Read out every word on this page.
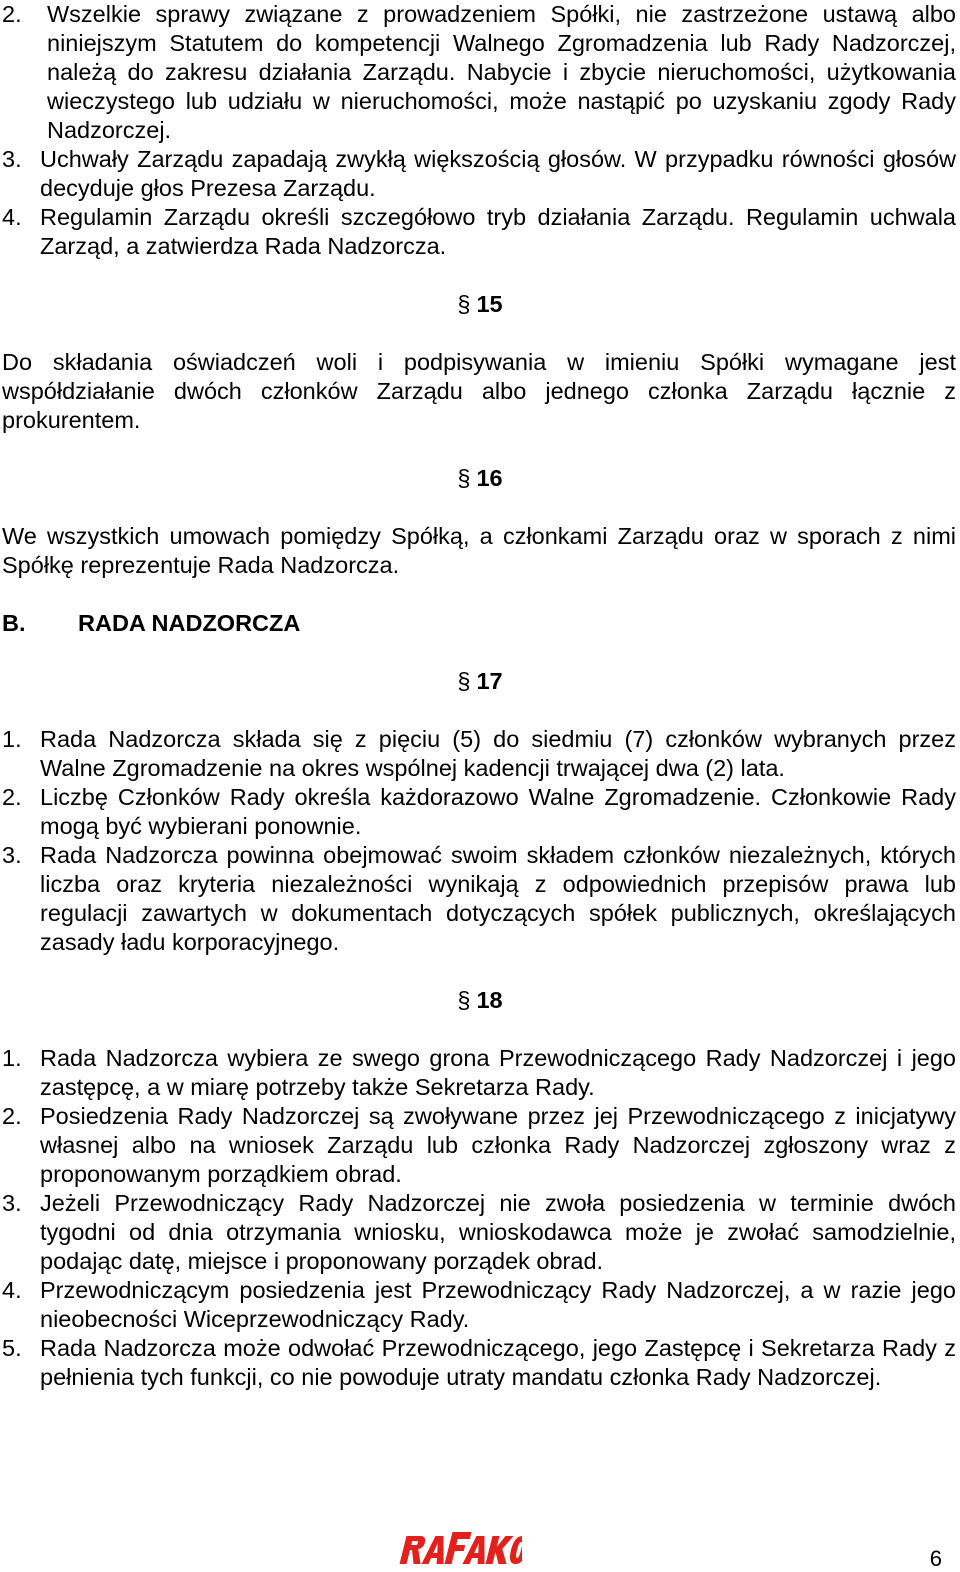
2.	Wszelkie sprawy związane z prowadzeniem Spółki, nie zastrzeżone ustawą albo niniejszym Statutem do kompetencji Walnego Zgromadzenia lub Rady Nadzorczej, należą do zakresu działania Zarządu. Nabycie i zbycie nieruchomości, użytkowania wieczystego lub udziału w nieruchomości, może nastąpić po uzyskaniu zgody Rady Nadzorczej.
3. Uchwały Zarządu zapadają zwykłą większością głosów. W przypadku równości głosów decyduje głos Prezesa Zarządu.
4. Regulamin Zarządu określi szczegółowo tryb działania Zarządu. Regulamin uchwala Zarząd, a zatwierdza Rada Nadzorcza.

§ 15

Do składania oświadczeń woli i podpisywania w imieniu Spółki wymagane jest współdziałanie dwóch członków Zarządu albo jednego członka Zarządu łącznie z prokurentem.

§ 16

We wszystkich umowach pomiędzy Spółką, a członkami Zarządu oraz w sporach z nimi Spółkę reprezentuje Rada Nadzorcza.

B.	RADA NADZORCZA

§ 17

1. Rada Nadzorcza składa się z pięciu (5) do siedmiu (7) członków wybranych przez Walne Zgromadzenie na okres wspólnej kadencji trwającej dwa (2) lata.
2. Liczbę Członków Rady określa każdorazowo Walne Zgromadzenie. Członkowie Rady mogą być wybierani ponownie.
3. Rada Nadzorcza powinna obejmować swoim składem członków niezależnych, których liczba oraz kryteria niezależności wynikają z odpowiednich przepisów prawa lub regulacji zawartych w dokumentach dotyczących spółek publicznych, określających zasady ładu korporacyjnego.

§ 18

1. Rada Nadzorcza wybiera ze swego grona Przewodniczącego Rady Nadzorczej i jego zastępcę, a w miarę potrzeby także Sekretarza Rady.
2. Posiedzenia Rady Nadzorczej są zwoływane przez jej Przewodniczącego z inicjatywy własnej albo na wniosek Zarządu lub członka Rady Nadzorczej zgłoszony wraz z proponowanym porządkiem obrad.
3. Jeżeli Przewodniczący Rady Nadzorczej nie zwoła posiedzenia w terminie dwóch tygodni od dnia otrzymania wniosku, wnioskodawca może je zwołać samodzielnie, podając datę, miejsce i proponowany porządek obrad.
4. Przewodniczącym posiedzenia jest Przewodniczący Rady Nadzorczej, a w razie jego nieobecności Wiceprzewodniczący Rady.
5. Rada Nadzorcza może odwołać Przewodniczącego, jego Zastępcę i Sekretarza Rady z pełnienia tych funkcji, co nie powoduje utraty mandatu członka Rady Nadzorczej.
6
